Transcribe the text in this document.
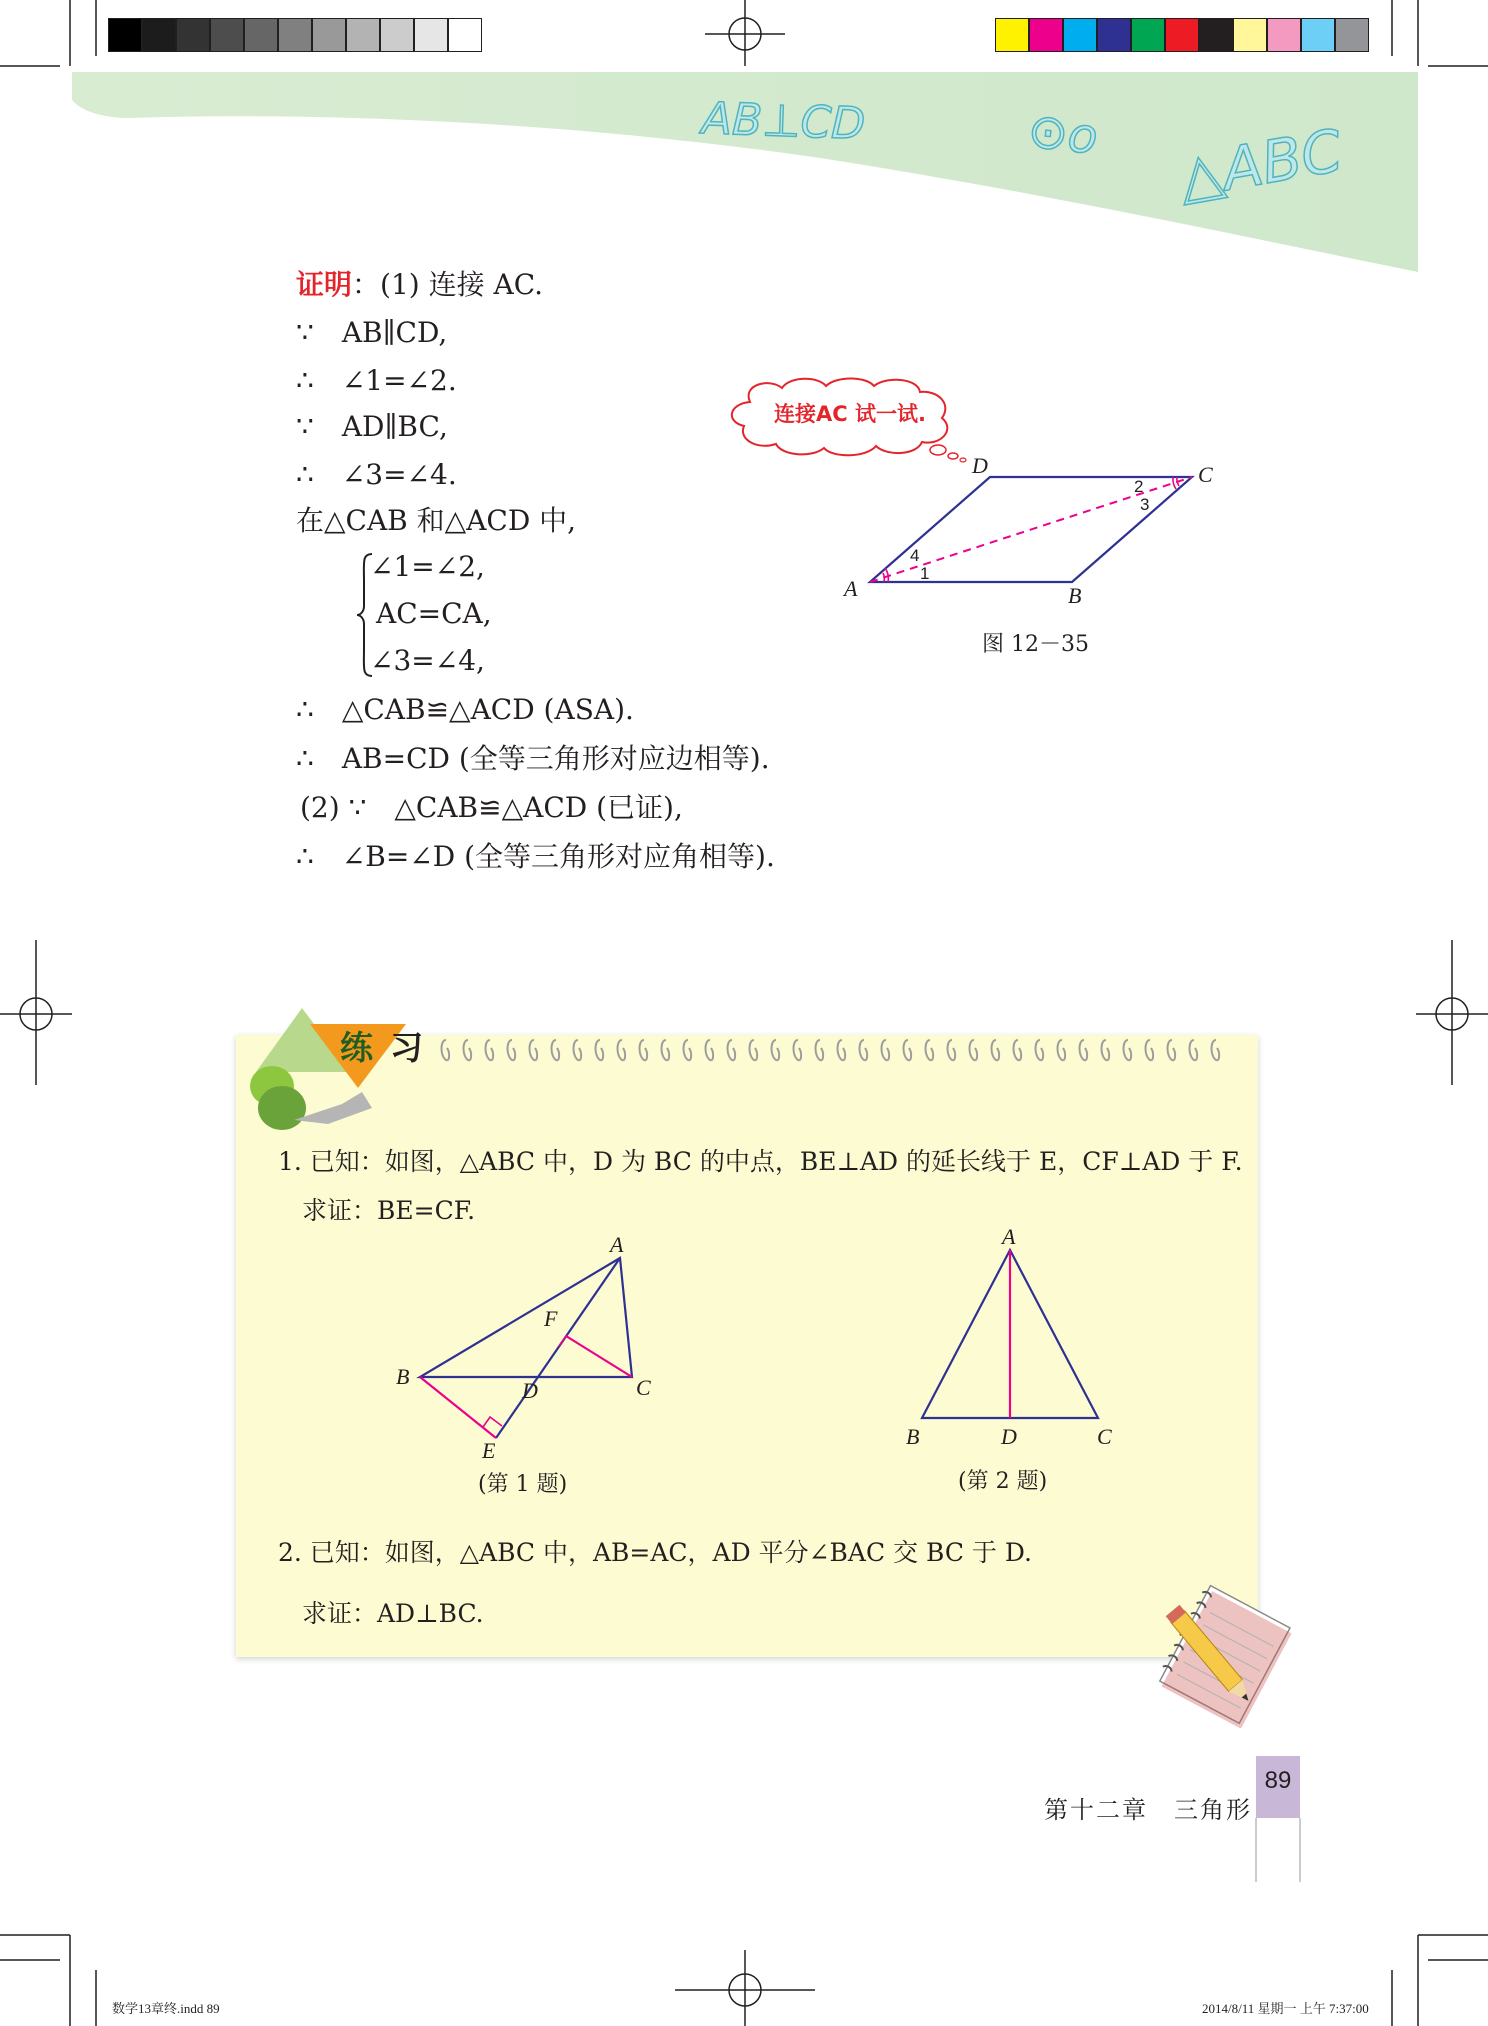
AB⊥CD	⊙o △ABC
证明：(1) 连接 AC.
∵　AB∥CD,
∴　∠1=∠2.
∵　AD∥BC,
∴　∠3=∠4.
在△CAB 和△ACD 中,
∠1=∠2,
AC=CA,
∠3=∠4,
∴　△CAB≌△ACD (ASA).
∴　AB=CD (全等三角形对应边相等).
(2) ∵　△CAB≌△ACD (已证),
∴　∠B=∠D (全等三角形对应角相等).
连接AC 试一试.
A	B
C
D
1
2
3
4
图 12－35
练 习
1. 已知：如图，△ABC 中，D 为 BC 的中点，BE⊥AD 的延长线于 E，CF⊥AD 于 F.
求证：BE=CF.
A
B	C
D
E
F
(第 1 题)
A
B	C
D
(第 2 题)
2. 已知：如图，△ABC 中，AB=AC，AD 平分∠BAC 交 BC 于 D.
求证：AD⊥BC.
第十二章　三角形
89
数学13章终.indd 89	2014/8/11 星期一 上午 7:37:00
